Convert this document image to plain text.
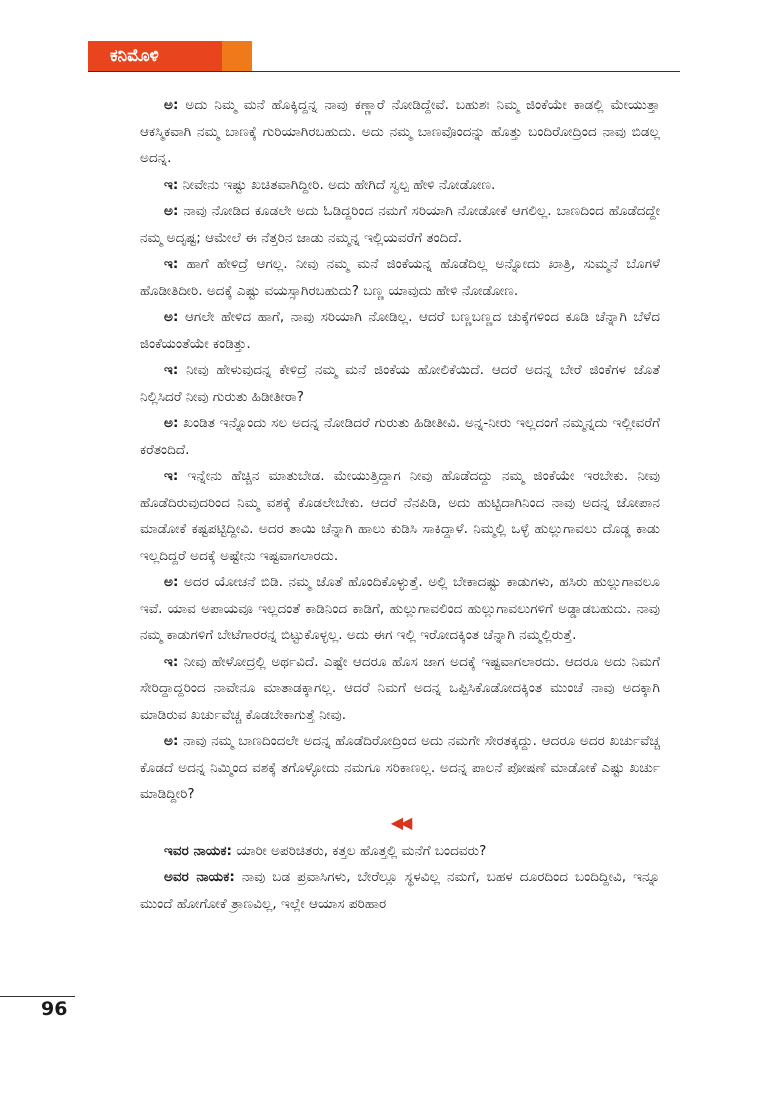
ಕನಿಮೊಳಿ

ಅ: ಅದು ನಿಮ್ಮ ಮನೆ ಹೊಕ್ಕಿದ್ದನ್ನ ನಾವು ಕಣ್ಣಾರೆ ನೋಡಿದ್ದೇವೆ. ಬಹುಶಃ ನಿಮ್ಮ ಜಿಂಕೆಯೇ ಕಾಡಲ್ಲಿ ಮೇಯುತ್ತಾ ಆಕಸ್ಮಿಕವಾಗಿ ನಮ್ಮ ಬಾಣಕ್ಕೆ ಗುರಿಯಾಗಿರಬಹುದು. ಅದು ನಮ್ಮ ಬಾಣವೊಂದನ್ನು ಹೊತ್ತು ಬಂದಿರೋದ್ರಿಂದ ನಾವು ಬಿಡಲ್ಲ ಅದನ್ನ.

ಇ: ನೀವೇನು ಇಷ್ಟು ಖಚಿತವಾಗಿದ್ದೀರಿ. ಅದು ಹೇಗಿದೆ ಸ್ವಲ್ಪ ಹೇಳಿ ನೋಡೋಣ.

ಅ: ನಾವು ನೋಡಿದ ಕೂಡಲೇ ಅದು ಓಡಿದ್ದರಿಂದ ನಮಗೆ ಸರಿಯಾಗಿ ನೋಡೋಕೆ ಆಗಲಿಲ್ಲ. ಬಾಣದಿಂದ ಹೊಡೆದದ್ದೇ ನಮ್ಮ ಅದೃಷ್ಟ; ಆಮೇಲೆ ಈ ನೆತ್ತರಿನ ಜಾಡು ನಮ್ಮನ್ನ ಇಲ್ಲಿಯವರೆಗೆ ತಂದಿದೆ.

ಇ: ಹಾಗೆ ಹೇಳಿದ್ರೆ ಆಗಲ್ಲ. ನೀವು ನಮ್ಮ ಮನೆ ಜಿಂಕೆಯನ್ನ ಹೊಡೆದಿಲ್ಲ ಅನ್ನೋದು ಖಾತ್ರಿ, ಸುಮ್ಮನೆ ಬೊಗಳೆ ಹೊಡೀತಿದೀರಿ. ಅದಕ್ಕೆ ಎಷ್ಟು ವಯಸ್ಸಾಗಿರಬಹುದು? ಬಣ್ಣ ಯಾವುದು ಹೇಳಿ ನೋಡೋಣ.

ಅ: ಆಗಲೇ ಹೇಳಿದ ಹಾಗೆ, ನಾವು ಸರಿಯಾಗಿ ನೋಡಿಲ್ಲ. ಆದರೆ ಬಣ್ಣಬಣ್ಣದ ಚುಕ್ಕೆಗಳಿಂದ ಕೂಡಿ ಚೆನ್ನಾಗಿ ಬೆಳೆದ ಜಿಂಕೆಯಂತೆಯೇ ಕಂಡಿತ್ತು.

ಇ: ನೀವು ಹೇಳುವುದನ್ನ ಕೇಳಿದ್ರೆ ನಮ್ಮ ಮನೆ ಜಿಂಕೆಯ ಹೋಲಿಕೆಯಿದೆ. ಆದರೆ ಅದನ್ನ ಬೇರೆ ಜಿಂಕೆಗಳ ಜೊತೆ ನಿಲ್ಲಿಸಿದರೆ ನೀವು ಗುರುತು ಹಿಡೀತೀರಾ?

ಅ: ಖಂಡಿತ ಇನ್ನೊಂದು ಸಲ ಅದನ್ನ ನೋಡಿದರೆ ಗುರುತು ಹಿಡೀತೀವಿ. ಅನ್ನ-ನೀರು ಇಲ್ಲದಂಗೆ ನಮ್ಮನ್ನದು ಇಲ್ಲೀವರೆಗೆ ಕರೆತಂದಿದೆ.

ಇ: ಇನ್ನೇನು ಹೆಚ್ಚಿನ ಮಾತುಬೇಡ. ಮೇಯುತ್ತಿದ್ದಾಗ ನೀವು ಹೊಡೆದದ್ದು ನಮ್ಮ ಜಿಂಕೆಯೇ ಇರಬೇಕು. ನೀವು ಹೊಡೆದಿರುವುದರಿಂದ ನಿಮ್ಮ ವಶಕ್ಕೆ ಕೊಡಲೇಬೇಕು. ಆದರೆ ನೆನಪಿಡಿ, ಅದು ಹುಟ್ಟಿದಾಗಿನಿಂದ ನಾವು ಅದನ್ನ ಜೋಪಾನ ಮಾಡೋಕೆ ಕಷ್ಟಪಟ್ಟಿದ್ದೀವಿ. ಅದರ ತಾಯಿ ಚೆನ್ನಾಗಿ ಹಾಲು ಕುಡಿಸಿ ಸಾಕಿದ್ದಾಳೆ. ನಿಮ್ಮಲ್ಲಿ ಒಳ್ಳೆ ಹುಲ್ಲುಗಾವಲು ದೊಡ್ಡ ಕಾಡು ಇಲ್ಲದಿದ್ದರೆ ಅದಕ್ಕೆ ಅಷ್ಟೇನು ಇಷ್ಟವಾಗಲಾರದು.

ಅ: ಅದರ ಯೋಚನೆ ಬಿಡಿ. ನಮ್ಮ ಜೊತೆ ಹೊಂದಿಕೊಳ್ಳುತ್ತೆ. ಅಲ್ಲಿ ಬೇಕಾದಷ್ಟು ಕಾಡುಗಳು, ಹಸಿರು ಹುಲ್ಲುಗಾವಲೂ ಇವೆ. ಯಾವ ಅಪಾಯವೂ ಇಲ್ಲದಂತೆ ಕಾಡಿನಿಂದ ಕಾಡಿಗೆ, ಹುಲ್ಲುಗಾವಲಿಂದ ಹುಲ್ಲುಗಾವಲುಗಳಿಗೆ ಅಡ್ಡಾಡಬಹುದು. ನಾವು ನಮ್ಮ ಕಾಡುಗಳಿಗೆ ಬೇಟೆಗಾರರನ್ನ ಬಿಟ್ಟುಕೊಳ್ಳಲ್ಲ. ಅದು ಈಗ ಇಲ್ಲಿ ಇರೋದಕ್ಕಿಂತ ಚೆನ್ನಾಗಿ ನಮ್ಮಲ್ಲಿರುತ್ತೆ.

ಇ: ನೀವು ಹೇಳೋದ್ರಲ್ಲಿ ಅರ್ಥವಿದೆ. ಎಷ್ಟೇ ಆದರೂ ಹೊಸ ಜಾಗ ಅದಕ್ಕೆ ಇಷ್ಟವಾಗಲಾರದು. ಆದರೂ ಅದು ನಿಮಗೆ ಸೇರಿದ್ದಾದ್ದರಿಂದ ನಾವೇನೂ ಮಾತಾಡಕ್ಕಾಗಲ್ಲ. ಆದರೆ ನಿಮಗೆ ಅದನ್ನ ಒಪ್ಪಿಸಿಕೊಡೋದಕ್ಕಿಂತ ಮುಂಚೆ ನಾವು ಅದಕ್ಕಾಗಿ ಮಾಡಿರುವ ಖರ್ಚುವೆಚ್ಚ ಕೊಡಬೇಕಾಗುತ್ತೆ ನೀವು.

ಅ: ನಾವು ನಮ್ಮ ಬಾಣದಿಂದಲೇ ಅದನ್ನ ಹೊಡೆದಿರೋದ್ರಿಂದ ಅದು ನಮಗೇ ಸೇರತಕ್ಕದ್ದು. ಆದರೂ ಅದರ ಖರ್ಚುವೆಚ್ಚ ಕೊಡದೆ ಅದನ್ನ ನಿಮ್ಮಿಂದ ವಶಕ್ಕೆ ತಗೊಳ್ಳೋದು ನಮಗೂ ಸರಿಕಾಣಲ್ಲ. ಅದನ್ನ ಪಾಲನೆ ಪೋಷಣೆ ಮಾಡೋಕೆ ಎಷ್ಟು ಖರ್ಚು ಮಾಡಿದ್ದೀರಿ?

◀◀

ಇವರ ನಾಯಕ: ಯಾರೀ ಅಪರಿಚಿತರು, ಕತ್ತಲ ಹೊತ್ತಲ್ಲಿ ಮನೆಗೆ ಬಂದವರು?

ಅವರ ನಾಯಕ: ನಾವು ಬಡ ಪ್ರವಾಸಿಗಳು, ಬೇರೆಲ್ಲೂ ಸ್ಥಳವಿಲ್ಲ ನಮಗೆ, ಬಹಳ ದೂರದಿಂದ ಬಂದಿದ್ದೀವಿ, ಇನ್ನೂ ಮುಂದೆ ಹೋಗೋಕೆ ತ್ರಾಣವಿಲ್ಲ, ಇಲ್ಲೇ ಆಯಾಸ ಪರಿಹಾರ

96
